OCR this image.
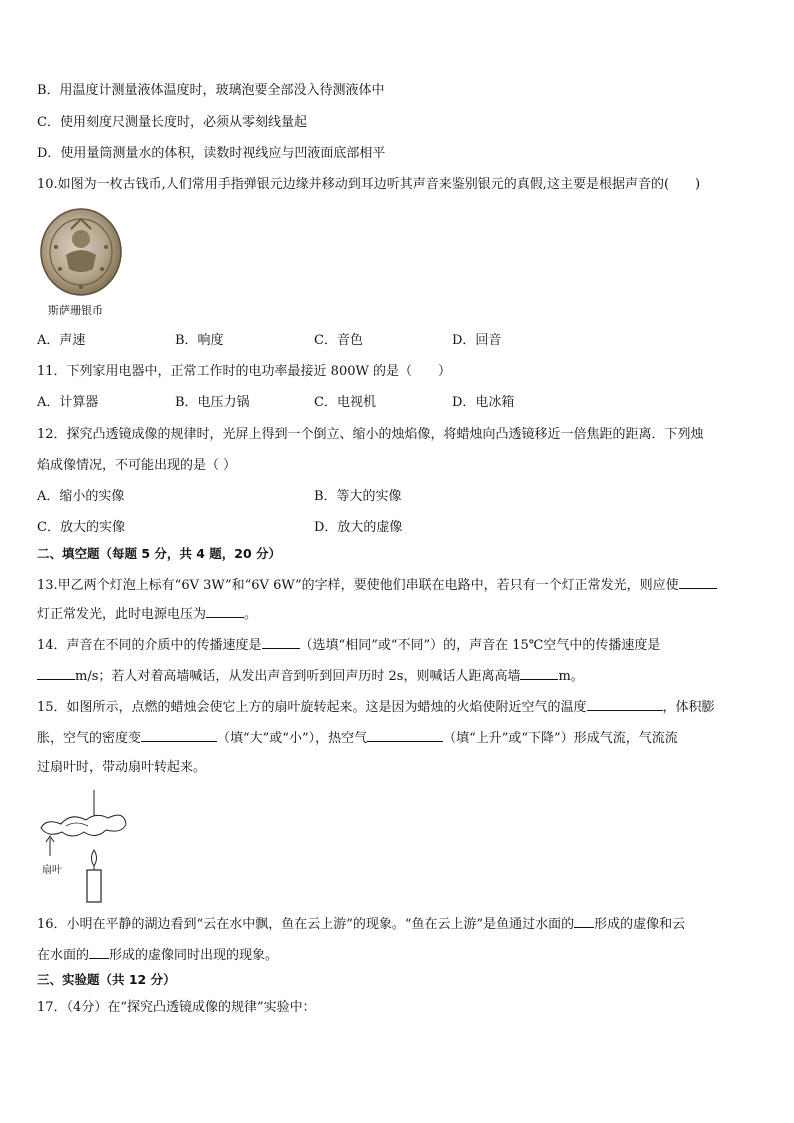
B．用温度计测量液体温度时，玻璃泡要全部没入待测液体中
C．使用刻度尺测量长度时，必须从零刻线量起
D．使用量筒测量水的体积，读数时视线应与凹液面底部相平
10.如图为一枚古钱币,人们常用手指弹银元边缘并移动到耳边听其声音来鉴别银元的真假,这主要是根据声音的(　　)
斯萨珊银币
A．声速	B．响度	C．音色	D．回音
11．下列家用电器中，正常工作时的电功率最接近 800W 的是（　　）
A．计算器	B．电压力锅	C．电视机	D．电冰箱
12．探究凸透镜成像的规律时，光屏上得到一个倒立、缩小的烛焰像，将蜡烛向凸透镜移近一倍焦距的距离．下列烛
焰成像情况，不可能出现的是（ ）
A．缩小的实像	B．等大的实像
C．放大的实像	D．放大的虚像
二、填空题（每题 5 分，共 4 题，20 分）
13.甲乙两个灯泡上标有“6V 3W”和“6V 6W”的字样，要使他们串联在电路中，若只有一个灯正常发光，则应使
灯正常发光，此时电源电压为	。
14．声音在不同的介质中的传播速度是	（选填“相同”或“不同”）的，声音在 15℃空气中的传播速度是
m/s；若人对着高墙喊话，从发出声音到听到回声历时 2s，则喊话人距离高墙	m。
15．如图所示，点燃的蜡烛会使它上方的扇叶旋转起来。这是因为蜡烛的火焰使附近空气的温度	，体积膨
胀，空气的密度变	（填“大”或“小”），热空气	（填“上升”或“下降”）形成气流，气流流
过扇叶时，带动扇叶转起来。
扇叶
16．小明在平静的湖边看到“云在水中飘，鱼在云上游”的现象。“鱼在云上游”是鱼通过水面的 形成的虚像和云
在水面的 形成的虚像同时出现的现象。
三、实验题（共 12 分）
17．（4分）在“探究凸透镜成像的规律”实验中：
